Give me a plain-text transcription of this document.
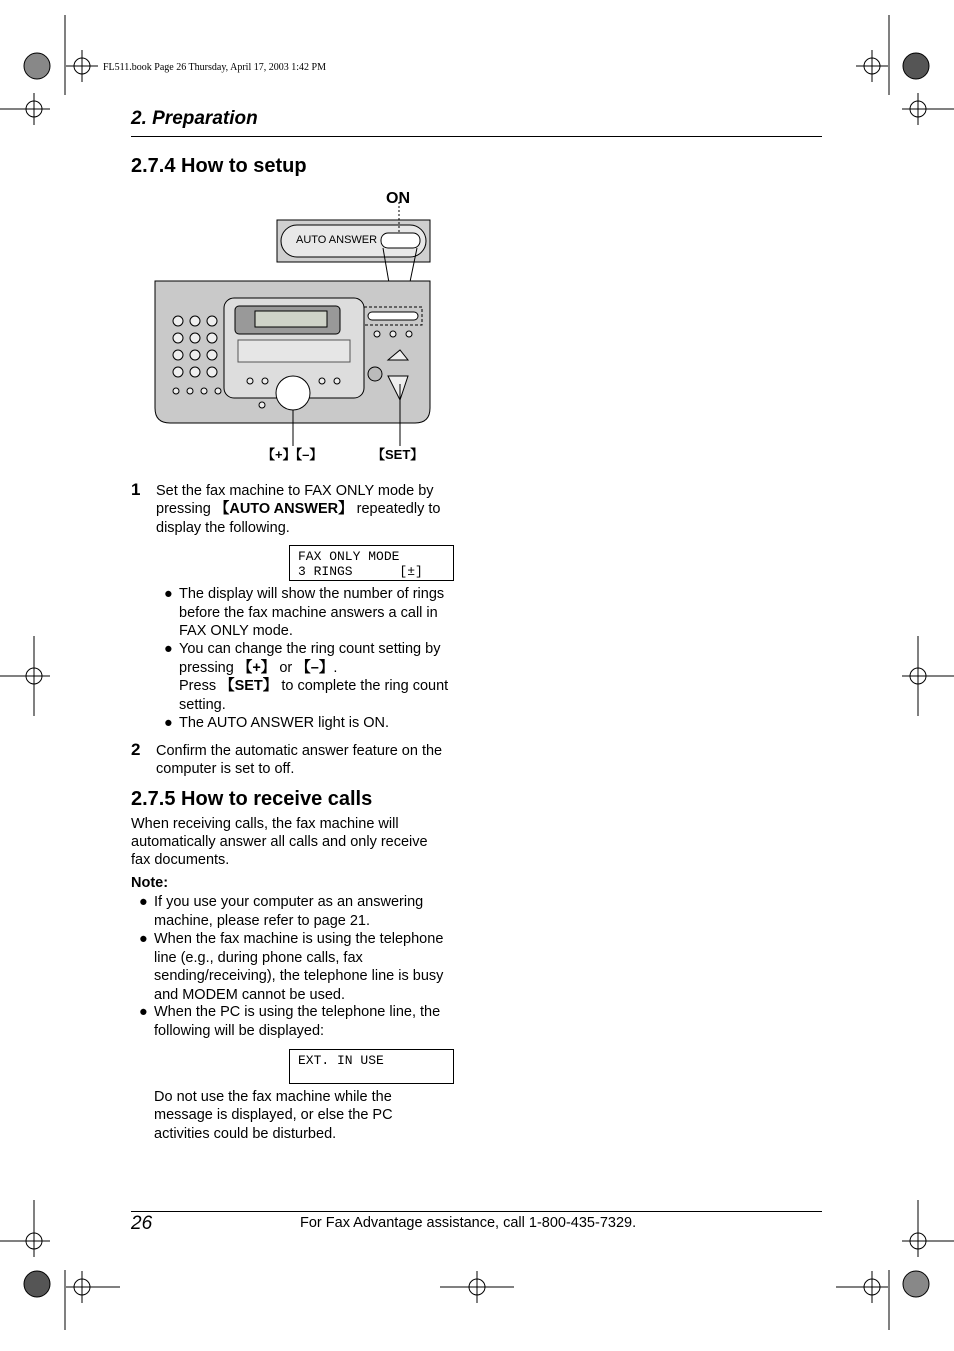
FL511.book Page 26 Thursday, April 17, 2003 1:42 PM
2. Preparation
2.7.4 How to setup
ON
AUTO ANSWER
【+】【–】	【SET】
1 Set the fax machine to FAX ONLY mode by
pressing 【AUTO ANSWER】 repeatedly to
display the following.
FAX ONLY MODE
3 RINGS      [±]
● The display will show the number of rings
before the fax machine answers a call in
FAX ONLY mode.
● You can change the ring count setting by
pressing 【+】 or 【–】.
Press 【SET】 to complete the ring count
setting.
● The AUTO ANSWER light is ON.
2 Confirm the automatic answer feature on the
computer is set to off.
2.7.5 How to receive calls
When receiving calls, the fax machine will
automatically answer all calls and only receive
fax documents.
Note:
● If you use your computer as an answering
machine, please refer to page 21.
● When the fax machine is using the telephone
line (e.g., during phone calls, fax
sending/receiving), the telephone line is busy
and MODEM cannot be used.
● When the PC is using the telephone line, the
following will be displayed:
EXT. IN USE
Do not use the fax machine while the
message is displayed, or else the PC
activities could be disturbed.
26	For Fax Advantage assistance, call 1-800-435-7329.
